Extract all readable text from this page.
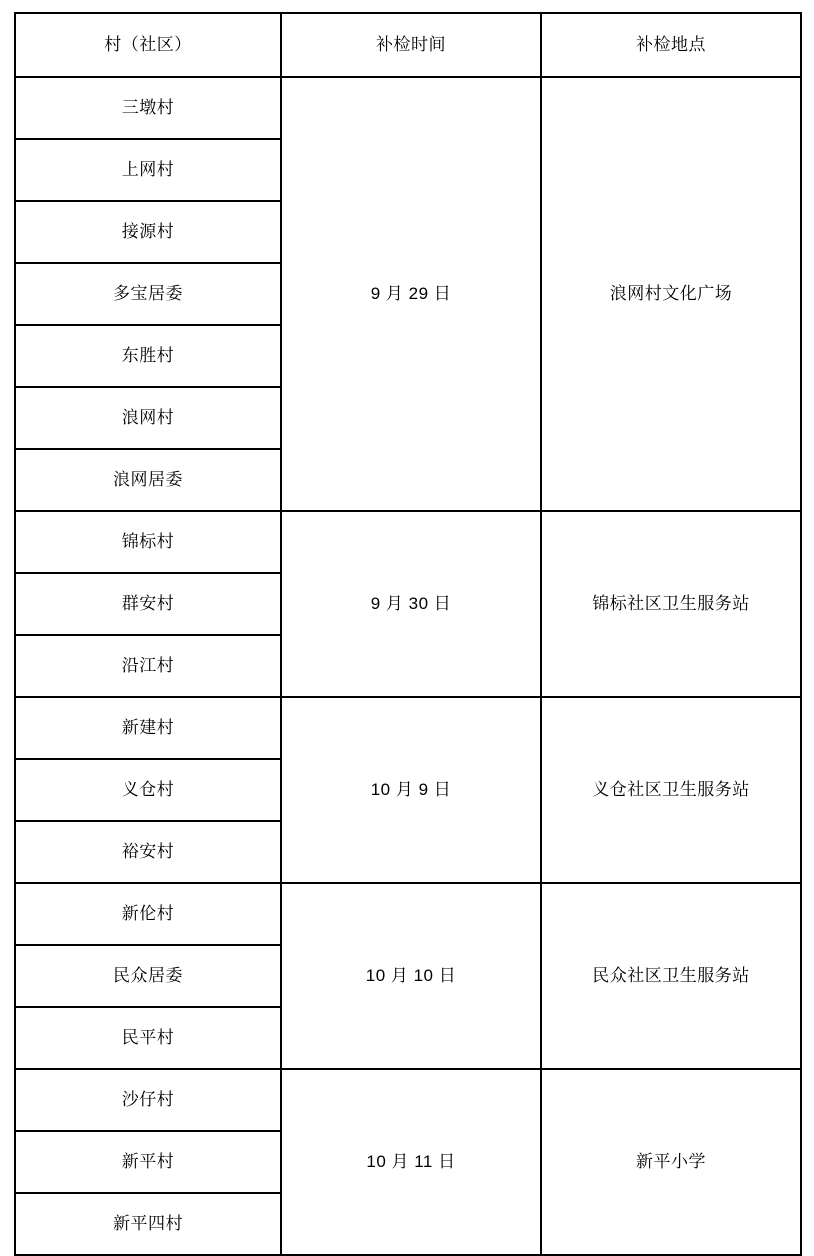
村（社区）	补检时间	补检地点
三墩村	9 月 29 日	浪网村文化广场
上网村		
接源村		
多宝居委		
东胜村		
浪网村		
浪网居委		
锦标村	9 月 30 日	锦标社区卫生服务站
群安村		
沿江村		
新建村	10 月 9 日	义仓社区卫生服务站
义仓村		
裕安村		
新伦村	10 月 10 日	民众社区卫生服务站
民众居委		
民平村		
沙仔村	10 月 11 日	新平小学
新平村		
新平四村		
